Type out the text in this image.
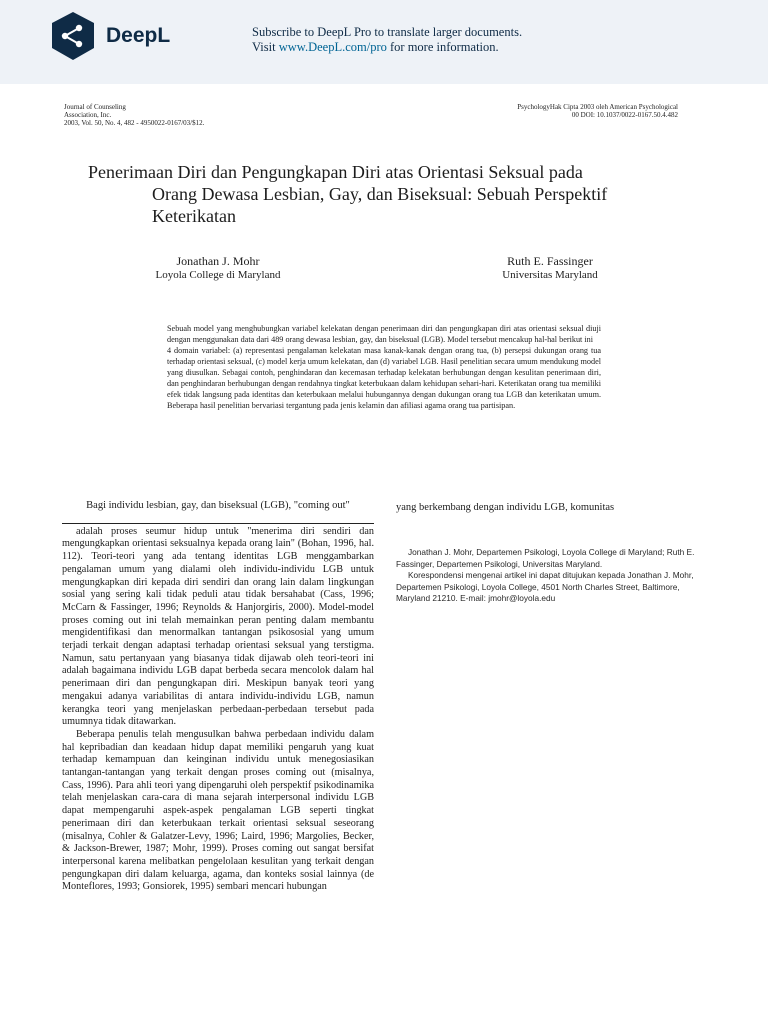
DeepL	Subscribe to DeepL Pro to translate larger documents.
Visit www.DeepL.com/pro for more information.
Journal of Counseling
Association, Inc.
2003, Vol. 50, No. 4, 482 - 4950022-0167/03/$12.
PsychologyHak Cipta 2003 oleh American Psychological
00 DOI: 10.1037/0022-0167.50.4.482
Penerimaan Diri dan Pengungkapan Diri atas Orientasi Seksual pada
Orang Dewasa Lesbian, Gay, dan Biseksual: Sebuah Perspektif
Keterikatan
Jonathan J. Mohr
Loyola College di Maryland
Ruth E. Fassinger
Universitas Maryland

Sebuah model yang menghubungkan variabel kelekatan dengan penerimaan diri dan pengungkapan diri atas orientasi seksual diuji dengan menggunakan data dari 489 orang dewasa lesbian, gay, dan biseksual (LGB). Model tersebut mencakup hal-hal berikut ini

4 domain variabel: (a) representasi pengalaman kelekatan masa kanak-kanak dengan orang tua, (b) persepsi dukungan orang tua terhadap orientasi seksual, (c) model kerja umum kelekatan, dan (d) variabel LGB. Hasil penelitian secara umum mendukung model yang diusulkan. Sebagai contoh, penghindaran dan kecemasan terhadap kelekatan berhubungan dengan kesulitan penerimaan diri, dan penghindaran berhubungan dengan rendahnya tingkat keterbukaan dalam kehidupan sehari-hari. Keterikatan orang tua memiliki efek tidak langsung pada identitas dan keterbukaan melalui hubungannya dengan dukungan orang tua LGB dan keterikatan umum. Beberapa hasil penelitian bervariasi tergantung pada jenis kelamin dan afiliasi agama orang tua partisipan.

Bagi individu lesbian, gay, dan biseksual (LGB), "coming out"

adalah proses seumur hidup untuk "menerima diri sendiri dan mengungkapkan orientasi seksualnya kepada orang lain" (Bohan, 1996, hal. 112). Teori-teori yang ada tentang identitas LGB menggambarkan pengalaman umum yang dialami oleh individu-individu LGB untuk mengungkapkan diri kepada diri sendiri dan orang lain dalam lingkungan sosial yang sering kali tidak peduli atau tidak bersahabat (Cass, 1996; McCarn & Fassinger, 1996; Reynolds & Hanjorgiris, 2000). Model-model proses coming out ini telah memainkan peran penting dalam membantu mengidentifikasi dan menormalkan tantangan psikososial yang umum terjadi terkait dengan adaptasi terhadap orientasi seksual yang terstigma. Namun, satu pertanyaan yang biasanya tidak dijawab oleh teori-teori ini adalah bagaimana individu LGB dapat berbeda secara mencolok dalam hal penerimaan diri dan pengungkapan diri. Meskipun banyak teori yang mengakui adanya variabilitas di antara individu-individu LGB, namun kerangka teori yang menjelaskan perbedaan-perbedaan tersebut pada umumnya tidak ditawarkan.

Beberapa penulis telah mengusulkan bahwa perbedaan individu dalam hal kepribadian dan keadaan hidup dapat memiliki pengaruh yang kuat terhadap kemampuan dan keinginan individu untuk menegosiasikan tantangan-tantangan yang terkait dengan proses coming out (misalnya, Cass, 1996). Para ahli teori yang dipengaruhi oleh perspektif psikodinamika telah menjelaskan cara-cara di mana sejarah interpersonal individu LGB dapat mempengaruhi aspek-aspek pengalaman LGB seperti tingkat penerimaan diri dan keterbukaan terkait orientasi seksual seseorang (misalnya, Cohler & Galatzer-Levy, 1996; Laird, 1996; Margolies, Becker, & Jackson-Brewer, 1987; Mohr, 1999). Proses coming out sangat bersifat interpersonal karena melibatkan pengelolaan kesulitan yang terkait dengan pengungkapan diri dalam keluarga, agama, dan konteks sosial lainnya (de Monteflores, 1993; Gonsiorek, 1995) sembari mencari hubungan

yang berkembang dengan individu LGB, komunitas

Jonathan J. Mohr, Departemen Psikologi, Loyola College di Maryland; Ruth E. Fassinger, Departemen Psikologi, Universitas Maryland.

Korespondensi mengenai artikel ini dapat ditujukan kepada Jonathan J. Mohr, Departemen Psikologi, Loyola College, 4501 North Charles Street, Baltimore, Maryland 21210. E-mail: jmohr@loyola.edu
